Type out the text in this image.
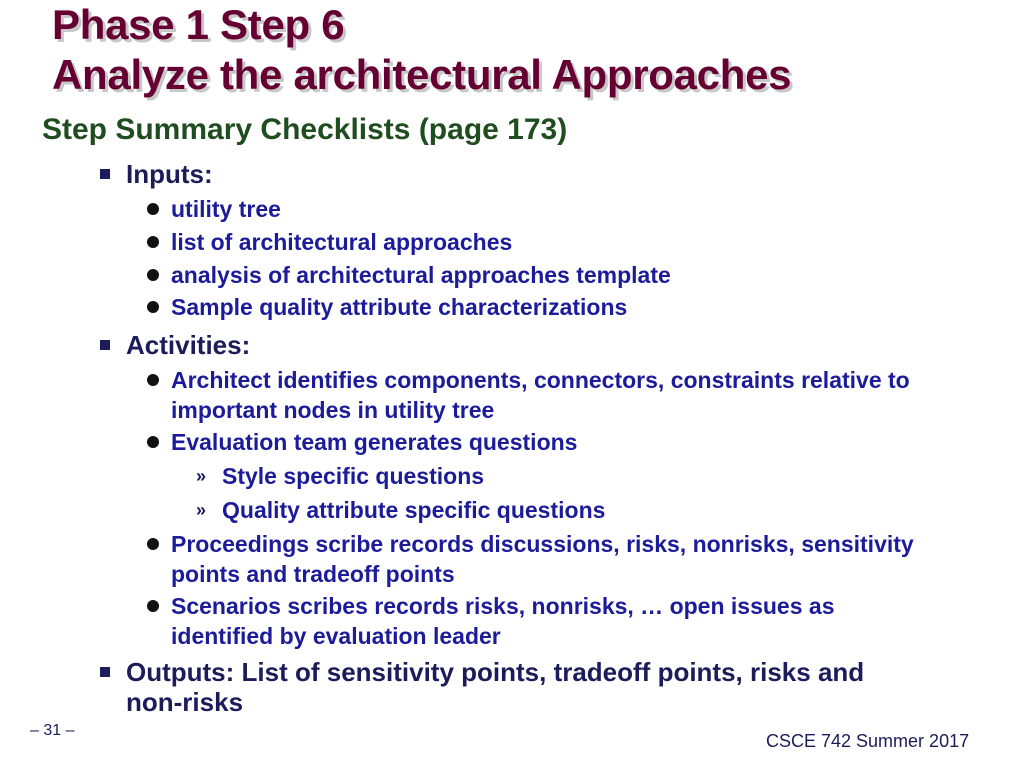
Phase 1 Step 6
Analyze the architectural Approaches
Step Summary Checklists (page 173)
Inputs:
utility tree
list of architectural approaches
analysis of architectural approaches template
Sample quality attribute characterizations
Activities:
Architect identifies components, connectors, constraints relative to
important nodes in utility tree
Evaluation team generates questions
» Style specific questions
» Quality attribute specific questions
Proceedings scribe records discussions, risks, nonrisks, sensitivity
points and tradeoff points
Scenarios scribes records risks, nonrisks, … open issues as
identified by evaluation leader
Outputs: List of sensitivity points, tradeoff points, risks and
non-risks
– 31 –
CSCE 742 Summer 2017
